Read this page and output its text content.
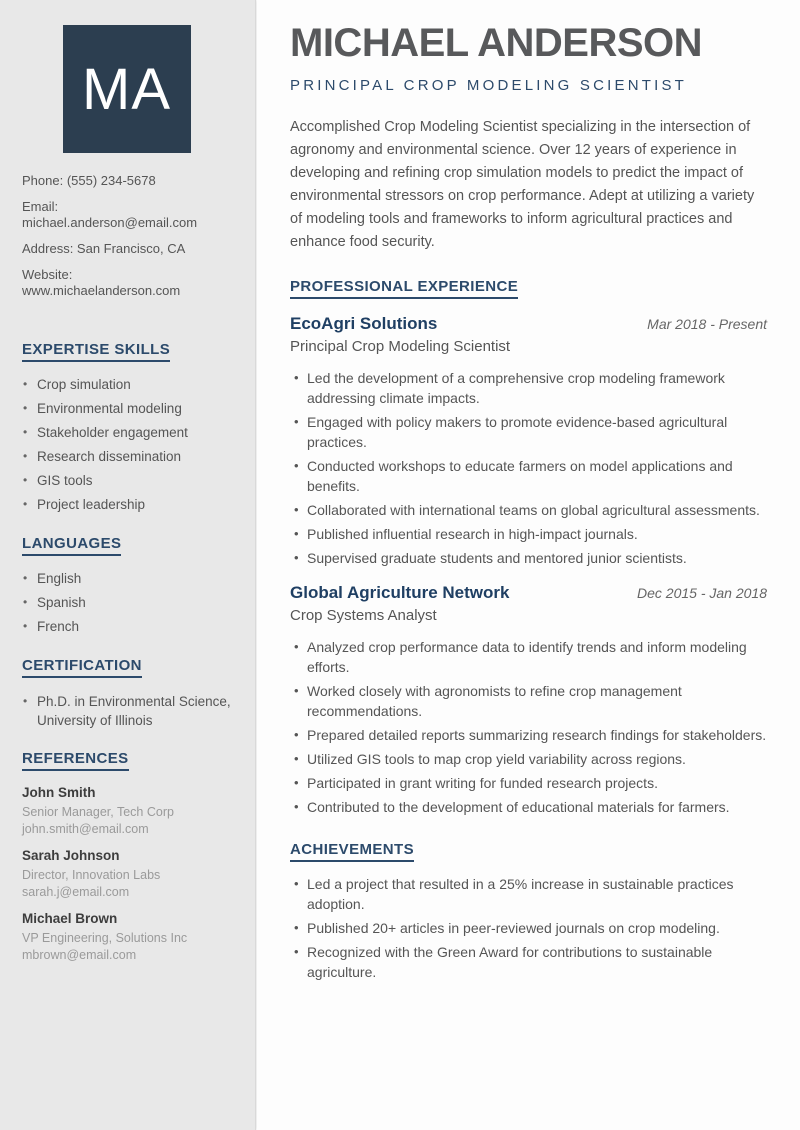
MA
Phone: (555) 234-5678
Email: michael.anderson@email.com
Address: San Francisco, CA
Website: www.michaelanderson.com
EXPERTISE SKILLS
• Crop simulation
• Environmental modeling
• Stakeholder engagement
• Research dissemination
• GIS tools
• Project leadership
LANGUAGES
• English
• Spanish
• French
CERTIFICATION
• Ph.D. in Environmental Science, University of Illinois
REFERENCES
John Smith
Senior Manager, Tech Corp
john.smith@email.com
Sarah Johnson
Director, Innovation Labs
sarah.j@email.com
Michael Brown
VP Engineering, Solutions Inc
mbrown@email.com
MICHAEL ANDERSON
PRINCIPAL CROP MODELING SCIENTIST

Accomplished Crop Modeling Scientist specializing in the intersection of agronomy and environmental science. Over 12 years of experience in developing and refining crop simulation models to predict the impact of environmental stressors on crop performance. Adept at utilizing a variety of modeling tools and frameworks to inform agricultural practices and enhance food security.

PROFESSIONAL EXPERIENCE
EcoAgri Solutions	Mar 2018 - Present
Principal Crop Modeling Scientist
• Led the development of a comprehensive crop modeling framework addressing climate impacts.
• Engaged with policy makers to promote evidence-based agricultural practices.
• Conducted workshops to educate farmers on model applications and benefits.
• Collaborated with international teams on global agricultural assessments.
• Published influential research in high-impact journals.
• Supervised graduate students and mentored junior scientists.
Global Agriculture Network	Dec 2015 - Jan 2018
Crop Systems Analyst
• Analyzed crop performance data to identify trends and inform modeling efforts.
• Worked closely with agronomists to refine crop management recommendations.
• Prepared detailed reports summarizing research findings for stakeholders.
• Utilized GIS tools to map crop yield variability across regions.
• Participated in grant writing for funded research projects.
• Contributed to the development of educational materials for farmers.
ACHIEVEMENTS
• Led a project that resulted in a 25% increase in sustainable practices adoption.
• Published 20+ articles in peer-reviewed journals on crop modeling.
• Recognized with the Green Award for contributions to sustainable agriculture.
